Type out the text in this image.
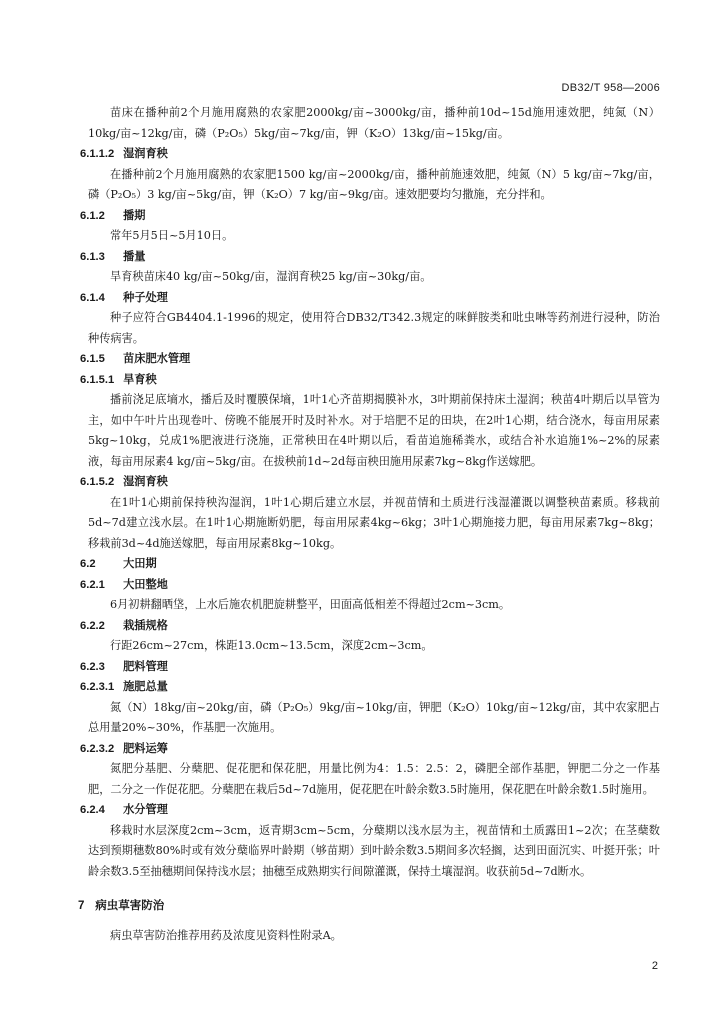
DB32/T 958—2006

苗床在播种前2个月施用腐熟的农家肥2000kg/亩~3000kg/亩，播种前10d~15d施用速效肥，纯氮（N）10kg/亩~12kg/亩，磷（P₂O₅）5kg/亩~7kg/亩，钾（K₂O）13kg/亩~15kg/亩。

6.1.1.2 湿润育秧

在播种前2个月施用腐熟的农家肥1500 kg/亩~2000kg/亩，播种前施速效肥，纯氮（N）5 kg/亩~7kg/亩，磷（P₂O₅）3 kg/亩~5kg/亩，钾（K₂O）7 kg/亩~9kg/亩。速效肥要均匀撒施，充分拌和。

6.1.2 播期

常年5月5日~5月10日。

6.1.3 播量

旱育秧苗床40 kg/亩~50kg/亩，湿润育秧25 kg/亩~30kg/亩。

6.1.4 种子处理

种子应符合GB4404.1-1996的规定，使用符合DB32/T342.3规定的咪鲜胺类和吡虫啉等药剂进行浸种，防治种传病害。

6.1.5 苗床肥水管理

6.1.5.1 旱育秧

播前浇足底墒水，播后及时覆膜保墒，1叶1心齐苗期揭膜补水，3叶期前保持床土湿润；秧苗4叶期后以旱管为主，如中午叶片出现卷叶、傍晚不能展开时及时补水。对于培肥不足的田块，在2叶1心期，结合浇水，每亩用尿素5kg~10kg，兑成1%肥液进行浇施，正常秧田在4叶期以后，看苗追施稀粪水，或结合补水追施1%~2%的尿素液，每亩用尿素4 kg/亩~5kg/亩。在拔秧前1d~2d每亩秧田施用尿素7kg~8kg作送嫁肥。

6.1.5.2 湿润育秧

在1叶1心期前保持秧沟湿润，1叶1心期后建立水层，并视苗情和土质进行浅湿灌溉以调整秧苗素质。移栽前5d~7d建立浅水层。在1叶1心期施断奶肥，每亩用尿素4kg~6kg；3叶1心期施接力肥，每亩用尿素7kg~8kg；移栽前3d~4d施送嫁肥，每亩用尿素8kg~10kg。

6.2 大田期

6.2.1 大田整地

6月初耕翻晒垡，上水后施农机肥旋耕整平，田面高低相差不得超过2cm~3cm。

6.2.2 栽插规格

行距26cm~27cm，株距13.0cm~13.5cm，深度2cm~3cm。

6.2.3 肥料管理

6.2.3.1 施肥总量

氮（N）18kg/亩~20kg/亩，磷（P₂O₅）9kg/亩~10kg/亩，钾肥（K₂O）10kg/亩~12kg/亩，其中农家肥占总用量20%~30%，作基肥一次施用。

6.2.3.2 肥料运筹

氮肥分基肥、分蘖肥、促花肥和保花肥，用量比例为4：1.5：2.5：2，磷肥全部作基肥，钾肥二分之一作基肥，二分之一作促花肥。分蘖肥在栽后5d~7d施用，促花肥在叶龄余数3.5时施用，保花肥在叶龄余数1.5时施用。

6.2.4 水分管理

移栽时水层深度2cm~3cm，返青期3cm~5cm，分蘖期以浅水层为主，视苗情和土质露田1~2次；在茎蘖数达到预期穗数80%时或有效分蘖临界叶龄期（够苗期）到叶龄余数3.5期间多次轻搁，达到田面沉实、叶挺开张；叶龄余数3.5至抽穗期间保持浅水层；抽穗至成熟期实行间隙灌溉，保持土壤湿润。收获前5d~7d断水。

7 病虫草害防治

病虫草害防治推荐用药及浓度见资料性附录A。

2
